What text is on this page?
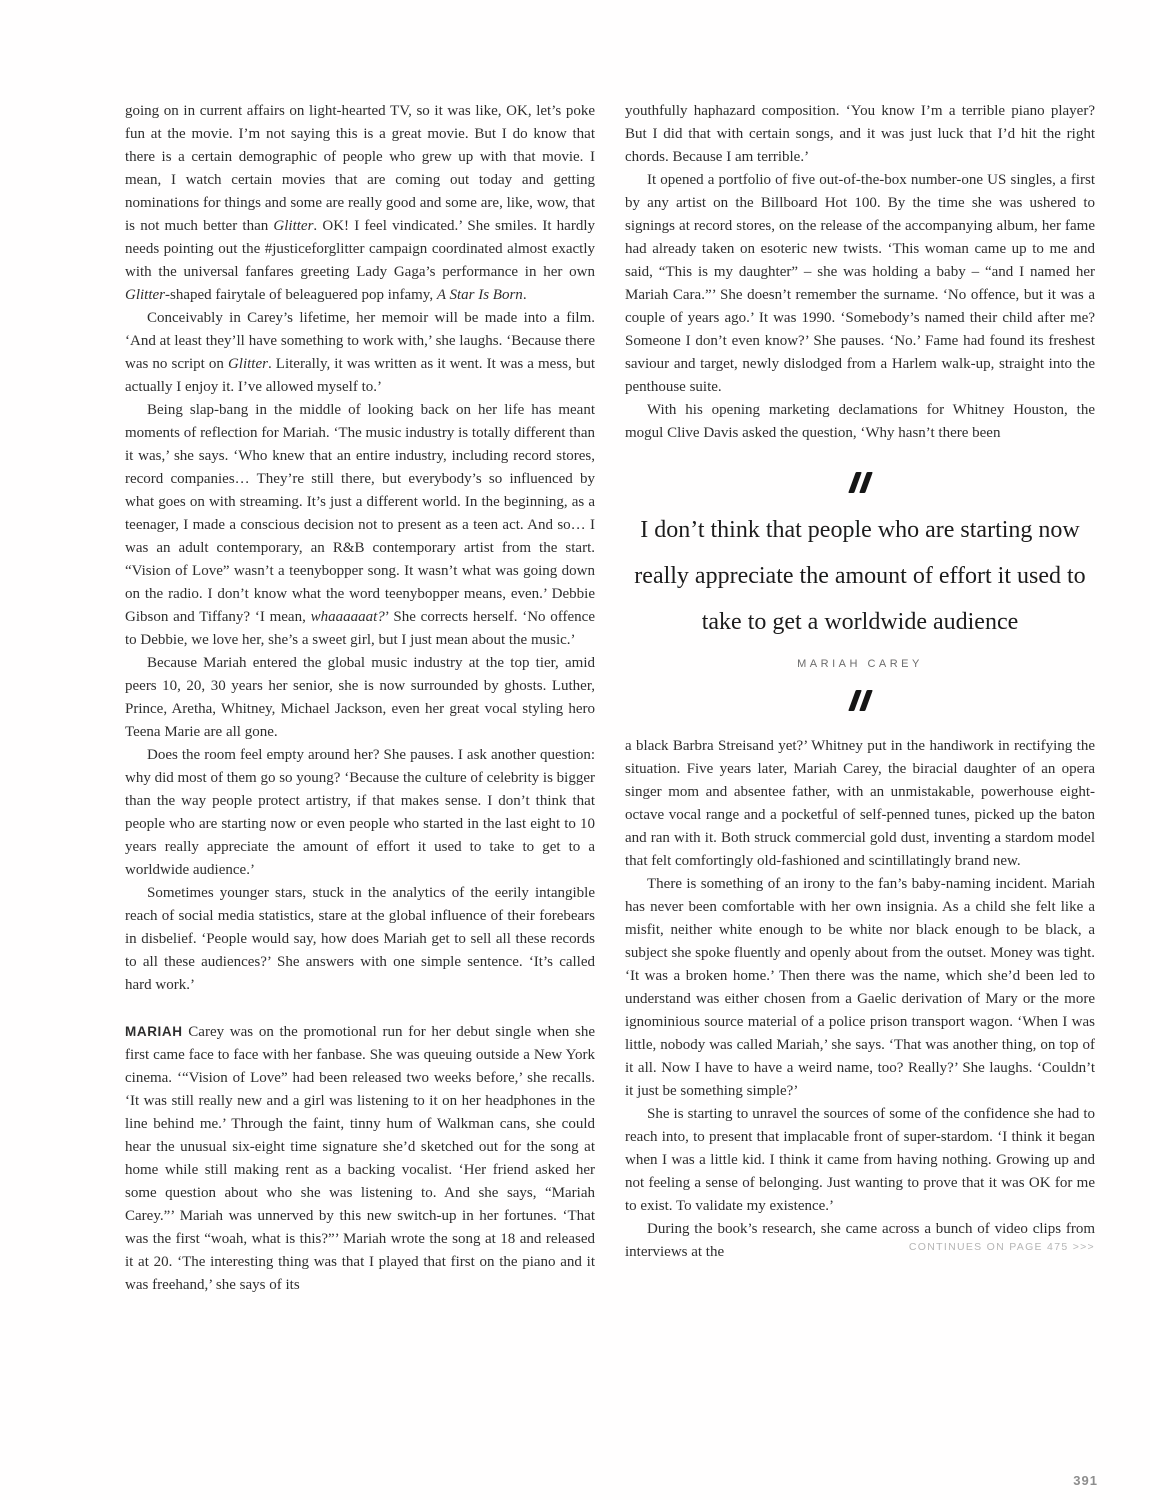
going on in current affairs on light-hearted TV, so it was like, OK, let’s poke fun at the movie. I’m not saying this is a great movie. But I do know that there is a certain demographic of people who grew up with that movie. I mean, I watch certain movies that are coming out today and getting nominations for things and some are really good and some are, like, wow, that is not much better than Glitter. OK! I feel vindicated.’ She smiles. It hardly needs pointing out the #justiceforglitter campaign coordinated almost exactly with the universal fanfares greeting Lady Gaga’s performance in her own Glitter-shaped fairytale of beleaguered pop infamy, A Star Is Born.

Conceivably in Carey’s lifetime, her memoir will be made into a film. ‘And at least they’ll have something to work with,’ she laughs. ‘Because there was no script on Glitter. Literally, it was written as it went. It was a mess, but actually I enjoy it. I’ve allowed myself to.’

Being slap-bang in the middle of looking back on her life has meant moments of reflection for Mariah. ‘The music industry is totally different than it was,’ she says. ‘Who knew that an entire industry, including record stores, record companies… They’re still there, but everybody’s so influenced by what goes on with streaming. It’s just a different world. In the beginning, as a teenager, I made a conscious decision not to present as a teen act. And so… I was an adult contemporary, an R&B contemporary artist from the start. “Vision of Love” wasn’t a teenybopper song. It wasn’t what was going down on the radio. I don’t know what the word teenybopper means, even.’ Debbie Gibson and Tiffany? ‘I mean, whaaaaaat?’ She corrects herself. ‘No offence to Debbie, we love her, she’s a sweet girl, but I just mean about the music.’

Because Mariah entered the global music industry at the top tier, amid peers 10, 20, 30 years her senior, she is now surrounded by ghosts. Luther, Prince, Aretha, Whitney, Michael Jackson, even her great vocal styling hero Teena Marie are all gone.

Does the room feel empty around her? She pauses. I ask another question: why did most of them go so young? ‘Because the culture of celebrity is bigger than the way people protect artistry, if that makes sense. I don’t think that people who are starting now or even people who started in the last eight to 10 years really appreciate the amount of effort it used to take to get to a worldwide audience.’

Sometimes younger stars, stuck in the analytics of the eerily intangible reach of social media statistics, stare at the global influence of their forebears in disbelief. ‘People would say, how does Mariah get to sell all these records to all these audiences?’ She answers with one simple sentence. ‘It’s called hard work.’

MARIAH Carey was on the promotional run for her debut single when she first came face to face with her fanbase. She was queuing outside a New York cinema. ‘“Vision of Love” had been released two weeks before,’ she recalls. ‘It was still really new and a girl was listening to it on her headphones in the line behind me.’ Through the faint, tinny hum of Walkman cans, she could hear the unusual six-eight time signature she’d sketched out for the song at home while still making rent as a backing vocalist. ‘Her friend asked her some question about who she was listening to. And she says, “Mariah Carey.”’ Mariah was unnerved by this new switch-up in her fortunes. ‘That was the first “woah, what is this?”’ Mariah wrote the song at 18 and released it at 20. ‘The interesting thing was that I played that first on the piano and it was freehand,’ she says of its

youthfully haphazard composition. ‘You know I’m a terrible piano player? But I did that with certain songs, and it was just luck that I’d hit the right chords. Because I am terrible.’

It opened a portfolio of five out-of-the-box number-one US singles, a first by any artist on the Billboard Hot 100. By the time she was ushered to signings at record stores, on the release of the accompanying album, her fame had already taken on esoteric new twists. ‘This woman came up to me and said, “This is my daughter” – she was holding a baby – “and I named her Mariah Cara.”’ She doesn’t remember the surname. ‘No offence, but it was a couple of years ago.’ It was 1990. ‘Somebody’s named their child after me? Someone I don’t even know?’ She pauses. ‘No.’ Fame had found its freshest saviour and target, newly dislodged from a Harlem walk-up, straight into the penthouse suite.

With his opening marketing declamations for Whitney Houston, the mogul Clive Davis asked the question, ‘Why hasn’t there been

I don’t think that people who are starting now really appreciate the amount of effort it used to take to get a worldwide audience
MARIAH CAREY

a black Barbra Streisand yet?’ Whitney put in the handiwork in rectifying the situation. Five years later, Mariah Carey, the biracial daughter of an opera singer mom and absentee father, with an unmistakable, powerhouse eight-octave vocal range and a pocketful of self-penned tunes, picked up the baton and ran with it. Both struck commercial gold dust, inventing a stardom model that felt comfortingly old-fashioned and scintillatingly brand new.

There is something of an irony to the fan’s baby-naming incident. Mariah has never been comfortable with her own insignia. As a child she felt like a misfit, neither white enough to be white nor black enough to be black, a subject she spoke fluently and openly about from the outset. Money was tight. ‘It was a broken home.’ Then there was the name, which she’d been led to understand was either chosen from a Gaelic derivation of Mary or the more ignominious source material of a police prison transport wagon. ‘When I was little, nobody was called Mariah,’ she says. ‘That was another thing, on top of it all. Now I have to have a weird name, too? Really?’ She laughs. ‘Couldn’t it just be something simple?’

She is starting to unravel the sources of some of the confidence she had to reach into, to present that implacable front of super-stardom. ‘I think it began when I was a little kid. I think it came from having nothing. Growing up and not feeling a sense of belonging. Just wanting to prove that it was OK for me to exist. To validate my existence.’

During the book’s research, she came across a bunch of video clips from interviews at the	CONTINUES ON PAGE 475 >>>
391
